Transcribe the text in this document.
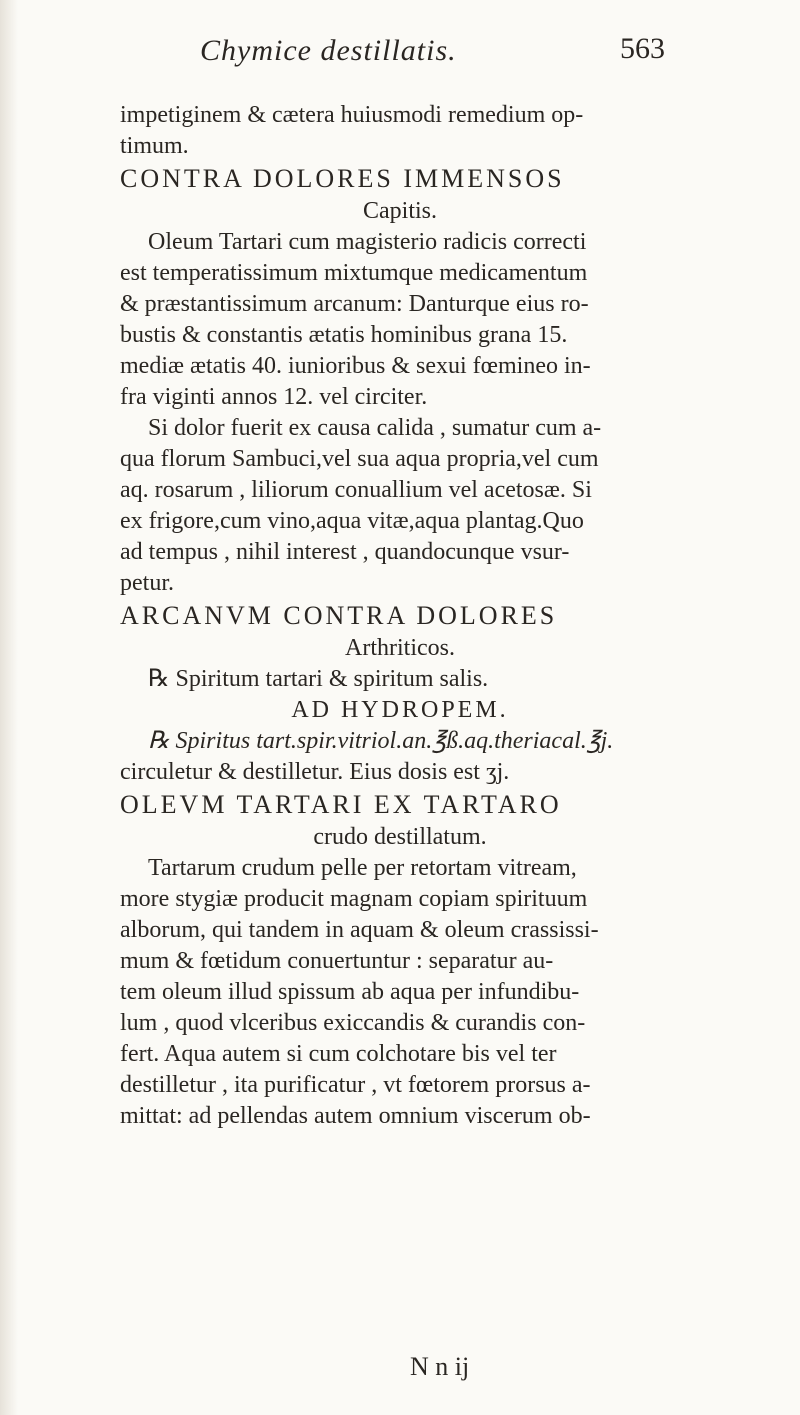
Chymice destillatis.	563
impetiginem & cætera huiusmodi remedium op-
timum.
CONTRA DOLORES IMMENSOS
Capitis.
Oleum Tartari cum magisterio radicis correcti
est temperatissimum mixtumque medicamentum
& præstantissimum arcanum: Danturque eius ro-
bustis & constantis ætatis hominibus grana 15.
mediæ ætatis 40. iunioribus & sexui fœmineo in-
fra viginti annos 12. vel circiter.
Si dolor fuerit ex causa calida , sumatur cum a-
qua florum Sambuci,vel sua aqua propria,vel cum
aq. rosarum , liliorum conuallium vel acetosæ. Si
ex frigore,cum vino,aqua vitæ,aqua plantag.Quo
ad tempus , nihil interest , quandocunque vsur-
petur.
ARCANVM CONTRA DOLORES
Arthriticos.
℞ Spiritum tartari & spiritum salis.
AD HYDROPEM.
℞ Spiritus tart.spir.vitriol.an.℥ß.aq.theriacal.℥j.
circuletur & destilletur. Eius dosis est ʒj.
OLEVM TARTARI EX TARTARO
crudo destillatum.
Tartarum crudum pelle per retortam vitream,
more stygiæ producit magnam copiam spirituum
alborum, qui tandem in aquam & oleum crassissi-
mum & fœtidum conuertuntur : separatur au-
tem oleum illud spissum ab aqua per infundibu-
lum , quod vlceribus exiccandis & curandis con-
fert. Aqua autem si cum colchotare bis vel ter
destilletur , ita purificatur , vt fœtorem prorsus a-
mittat: ad pellendas autem omnium viscerum ob-
N n ij
